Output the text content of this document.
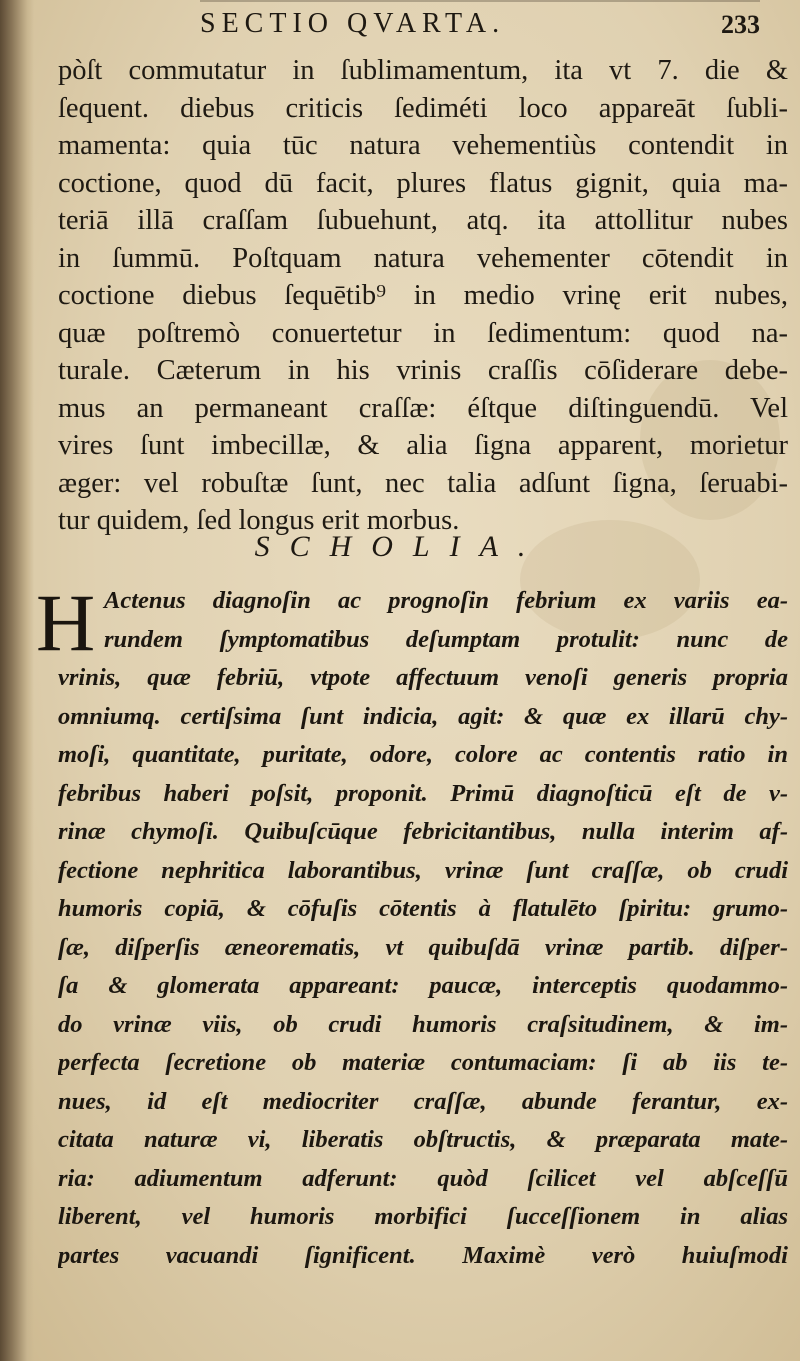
SECTIO QVARTA.	233
pòſt commutatur in ſublimamentum, ita vt 7. die &
ſequent. diebus criticis ſediméti loco appareāt ſubli-
mamenta: quia tūc natura vehementiùs contendit in
coctione, quod dū facit, plures flatus gignit, quia ma-
teriā illā craſſam ſubuehunt, atq. ita attollitur nubes
in ſummū. Poſtquam natura vehementer cōtendit in
coctione diebus ſequētib⁹ in medio vrinę erit nubes,
quæ poſtremò conuertetur in ſedimentum: quod na-
turale. Cæterum in his vrinis craſſis cōſiderare debe-
mus an permaneant craſſæ: éſtque diſtinguendū. Vel
vires ſunt imbecillæ, & alia ſigna apparent, morietur
æger: vel robuſtæ ſunt, nec talia adſunt ſigna, ſeruabi-
tur quidem, ſed longus erit morbus.
SCHOLIA.
H Actenus diagnoſin ac prognoſin febrium ex variis ea-
rundem ſymptomatibus deſumptam protulit: nunc de
vrinis, quæ febriū, vtpote affectuum venoſi generis propria
omniumq. certiſsima ſunt indicia, agit: & quæ ex illarū chy-
moſi, quantitate, puritate, odore, colore ac contentis ratio in
febribus haberi poſsit, proponit. Primū diagnoſticū eſt de v-
rinæ chymoſi. Quibuſcūque febricitantibus, nulla interim af-
fectione nephritica laborantibus, vrinæ ſunt craſſæ, ob crudi
humoris copiā, & cōfuſis cōtentis à flatulēto ſpiritu: grumo-
ſæ, diſperſis æneorematis, vt quibuſdā vrinæ partib. diſper-
ſa & glomerata appareant: paucæ, interceptis quodammo-
do vrinæ viis, ob crudi humoris craſsitudinem, & im-
perfecta ſecretione ob materiæ contumaciam: ſi ab iis te-
nues, id eſt mediocriter craſſæ, abunde ferantur, ex-
citata naturæ vi, liberatis obſtructis, & præparata mate-
ria: adiumentum adferunt: quòd ſcilicet vel abſceſſū
liberent, vel humoris morbifici ſucceſſionem in alias
partes vacuandi ſignificent. Maximè verò huiuſmodi
